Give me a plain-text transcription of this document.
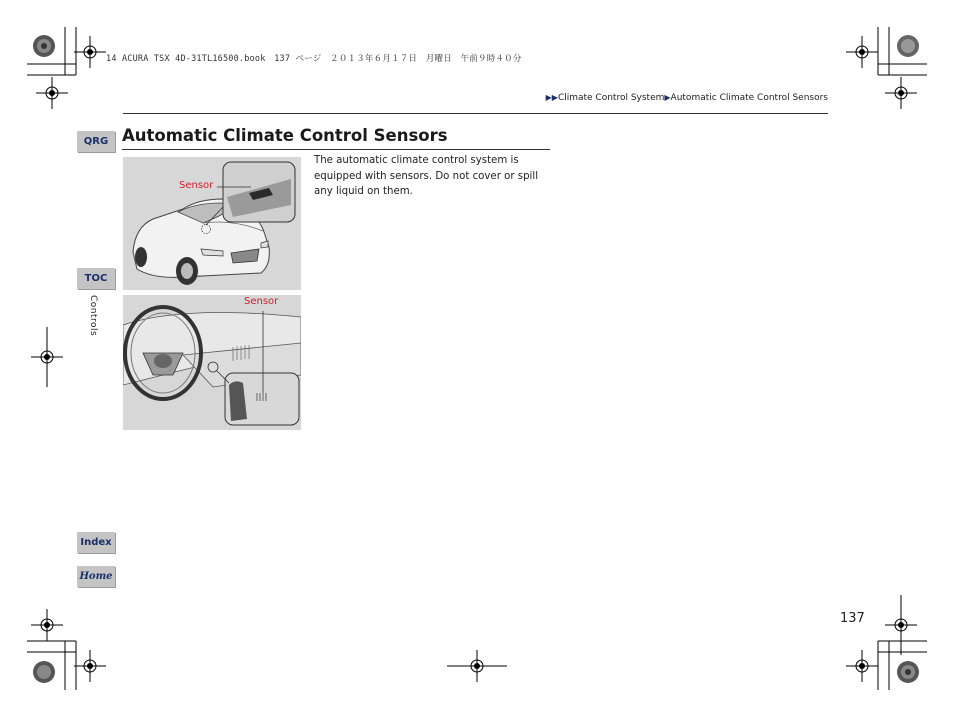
14 ACURA TSX 4D-31TL16500.book　137 ページ　２０１３年６月１７日　月曜日　午前９時４０分
▶▶Climate Control System▶Automatic Climate Control Sensors
QRG
TOC
Controls
Index
Home
Automatic Climate Control Sensors
The automatic climate control system is equipped with sensors. Do not cover or spill any liquid on them.
Sensor
Sensor
137
